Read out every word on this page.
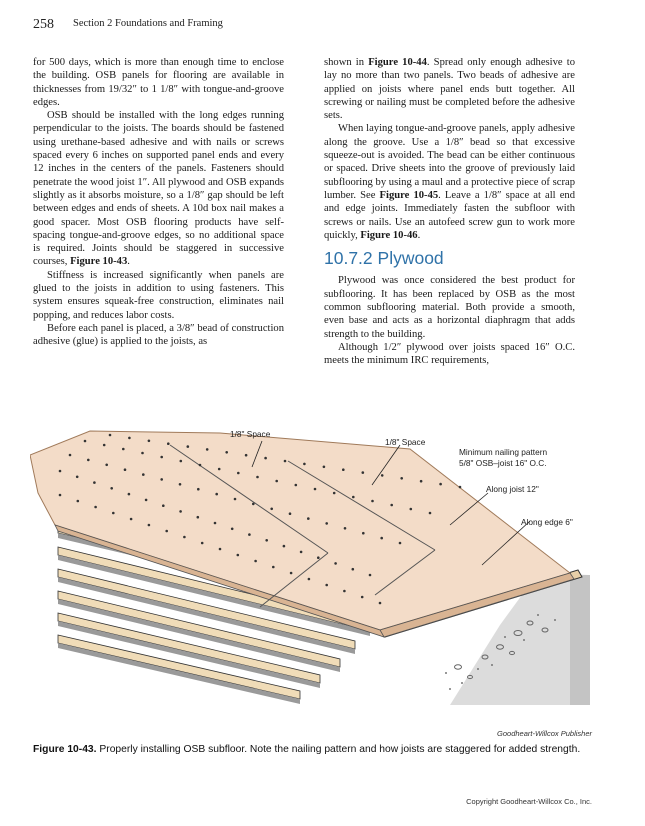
258 Section 2 Foundations and Framing

for 500 days, which is more than enough time to enclose the building. OSB panels for flooring are available in thicknesses from 19/32″ to 1 1/8″ with tongue-and-groove edges.

OSB should be installed with the long edges running perpendicular to the joists. The boards should be fastened using urethane-based adhesive and with nails or screws spaced every 6 inches on supported panel ends and every 12 inches in the centers of the panels. Fasteners should penetrate the wood joist 1″. All plywood and OSB expands slightly as it absorbs moisture, so a 1/8″ gap should be left between edges and ends of sheets. A 10d box nail makes a good spacer. Most OSB flooring products have self-spacing tongue-and-groove edges, so no additional space is required. Joints should be staggered in successive courses, Figure 10-43.

Stiffness is increased significantly when panels are glued to the joists in addition to using fasteners. This system ensures squeak-free construction, eliminates nail popping, and reduces labor costs.

Before each panel is placed, a 3/8″ bead of construction adhesive (glue) is applied to the joists, as

shown in Figure 10-44. Spread only enough adhesive to lay no more than two panels. Two beads of adhesive are applied on joists where panel ends butt together. All screwing or nailing must be completed before the adhesive sets.

When laying tongue-and-groove panels, apply adhesive along the groove. Use a 1/8″ bead so that excessive squeeze-out is avoided. The bead can be either continuous or spaced. Drive sheets into the groove of previously laid subflooring by using a maul and a protective piece of scrap lumber. See Figure 10-45. Leave a 1/8″ space at all end and edge joints. Immediately fasten the subfloor with screws or nails. Use an autofeed screw gun to work more quickly, Figure 10-46.

10.7.2 Plywood

Plywood was once considered the best product for subflooring. It has been replaced by OSB as the most common subflooring material. Both provide a smooth, even base and acts as a horizontal diaphragm that adds strength to the building.

Although 1/2″ plywood over joists spaced 16″ O.C. meets the minimum IRC requirements,

1/8" Space
1/8" Space
Minimum nailing pattern
5/8" OSB–joist 16" O.C.
Along joist 12"
Along edge 6"
Goodheart-Willcox Publisher
Figure 10-43. Properly installing OSB subfloor. Note the nailing pattern and how joists are staggered for added strength.
Copyright Goodheart-Willcox Co., Inc.
